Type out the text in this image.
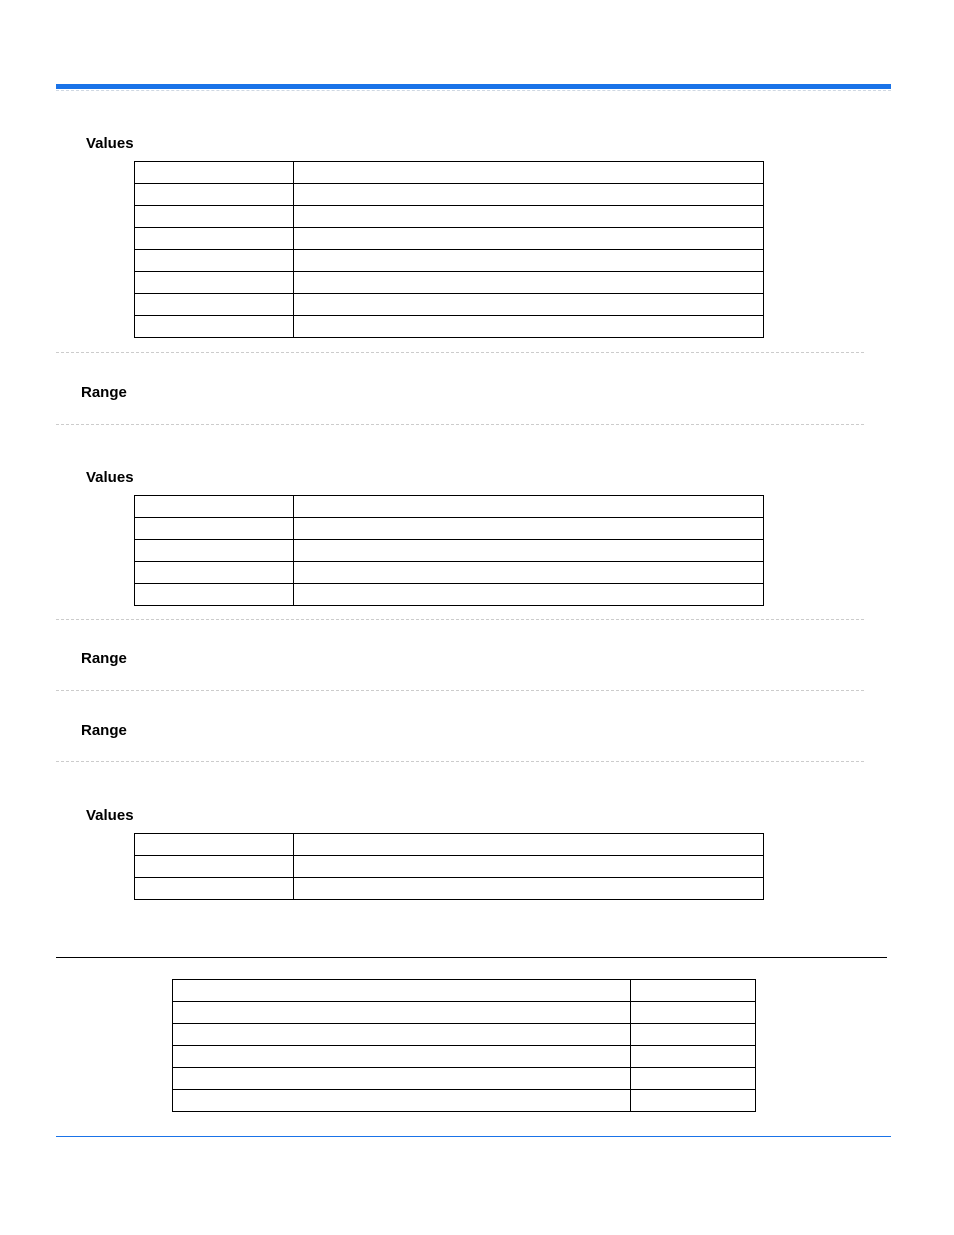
Values

Range
Values

Range
Range
Values
